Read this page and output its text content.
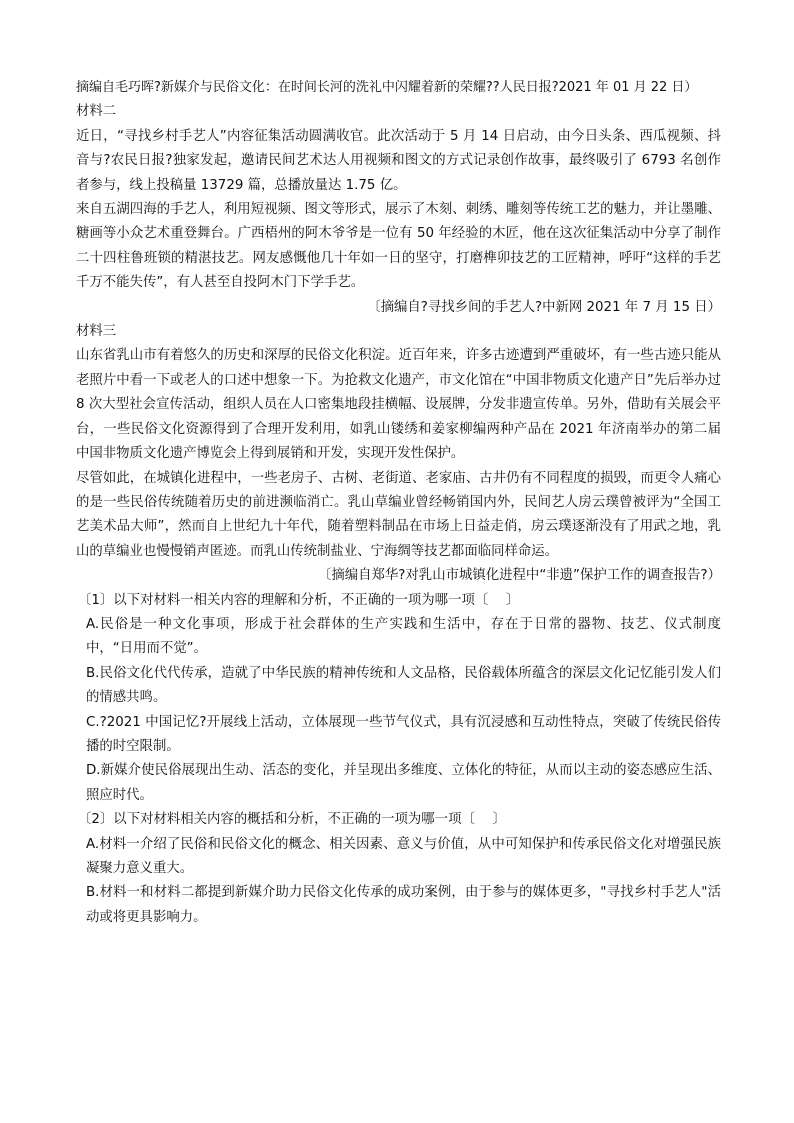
摘编自毛巧晖?新媒介与民俗文化：在时间长河的洗礼中闪耀着新的荣耀??人民日报?2021 年 01 月 22 日）

材料二

近日，“寻找乡村手艺人”内容征集活动圆满收官。此次活动于 5 月 14 日启动，由今日头条、西瓜视频、抖音与?农民日报?独家发起，邀请民间艺术达人用视频和图文的方式记录创作故事，最终吸引了 6793 名创作者参与，线上投稿量 13729 篇，总播放量达 1.75 亿。

来自五湖四海的手艺人，利用短视频、图文等形式，展示了木刻、刺绣、雕刻等传统工艺的魅力，并让墨雕、糖画等小众艺术重登舞台。广西梧州的阿木爷爷是一位有 50 年经验的木匠，他在这次征集活动中分享了制作二十四柱鲁班锁的精湛技艺。网友感慨他几十年如一日的坚守，打磨榫卯技艺的工匠精神，呼吁“这样的手艺千万不能失传”，有人甚至自投阿木门下学手艺。

〔摘编自?寻找乡间的手艺人?中新网 2021 年 7 月 15 日）

材料三

山东省乳山市有着悠久的历史和深厚的民俗文化积淀。近百年来，许多古迹遭到严重破坏，有一些古迹只能从老照片中看一下或老人的口述中想象一下。为抢救文化遗产，市文化馆在“中国非物质文化遗产日”先后举办过 8 次大型社会宣传活动，组织人员在人口密集地段挂横幅、设展牌，分发非遗宣传单。另外，借助有关展会平台，一些民俗文化资源得到了合理开发利用，如乳山镂绣和姜家柳编两种产品在 2021 年济南举办的第二届中国非物质文化遗产博览会上得到展销和开发，实现开发性保护。

尽管如此，在城镇化进程中，一些老房子、古树、老街道、老家庙、古井仍有不同程度的损毁，而更令人痛心的是一些民俗传统随着历史的前进濒临消亡。乳山草编业曾经畅销国内外，民间艺人房云璞曾被评为“全国工艺美术品大师”，然而自上世纪九十年代，随着塑料制品在市场上日益走俏，房云璞逐渐没有了用武之地，乳山的草编业也慢慢销声匿迹。而乳山传统制盐业、宁海绸等技艺都面临同样命运。

〔摘编自郑华?对乳山市城镇化进程中“非遗”保护工作的调查报告?）

〔1〕以下对材料一相关内容的理解和分析，不正确的一项为哪一项〔　 〕

A.民俗是一种文化事项，形成于社会群体的生产实践和生活中，存在于日常的器物、技艺、仪式制度中，“日用而不觉”。

B.民俗文化代代传承，造就了中华民族的精神传统和人文品格，民俗载体所蕴含的深层文化记忆能引发人们的情感共鸣。

C.?2021 中国记忆?开展线上活动，立体展现一些节气仪式，具有沉浸感和互动性特点，突破了传统民俗传播的时空限制。

D.新媒介使民俗展现出生动、活态的变化，并呈现出多维度、立体化的特征，从而以主动的姿态感应生活、照应时代。

〔2〕以下对材料相关内容的概括和分析，不正确的一项为哪一项〔　 〕

A.材料一介绍了民俗和民俗文化的概念、相关因素、意义与价值，从中可知保护和传承民俗文化对增强民族凝聚力意义重大。

B.材料一和材料二都提到新媒介助力民俗文化传承的成功案例，由于参与的媒体更多，"寻找乡村手艺人"活动或将更具影响力。
